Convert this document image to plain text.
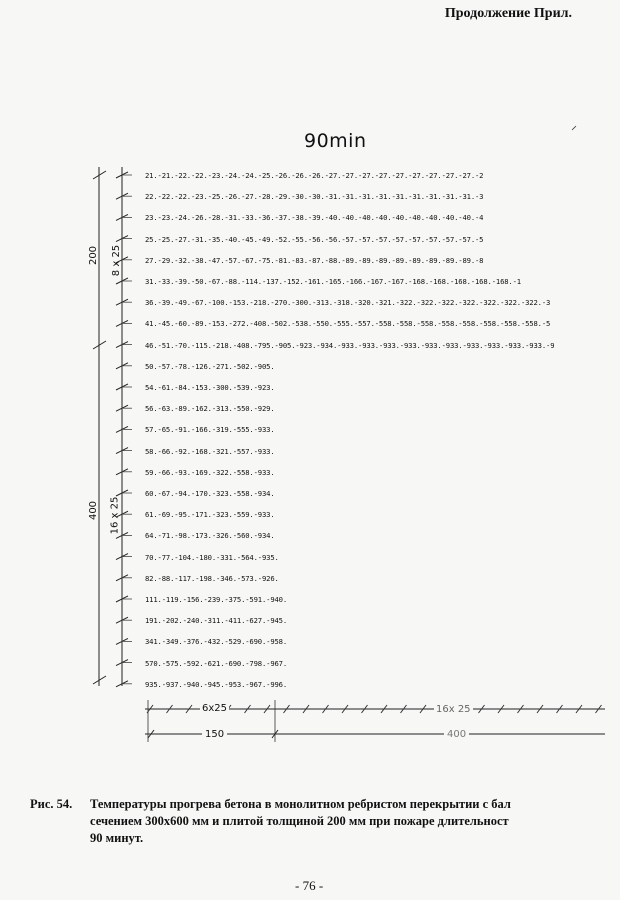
Продолжение Прил.
90min
21.-21.-22.-22.-23.-24.-24.-25.-26.-26.-26.-27.-27.-27.-27.-27.-27.-27.-27.-27.-2
22.-22.-22.-23.-25.-26.-27.-28.-29.-30.-30.-31.-31.-31.-31.-31.-31.-31.-31.-31.-3
23.-23.-24.-26.-28.-31.-33.-36.-37.-38.-39.-40.-40.-40.-40.-40.-40.-40.-40.-40.-4
25.-25.-27.-31.-35.-40.-45.-49.-52.-55.-56.-56.-57.-57.-57.-57.-57.-57.-57.-57.-5
27.-29.-32.-38.-47.-57.-67.-75.-81.-83.-87.-88.-89.-89.-89.-89.-89.-89.-89.-89.-8
31.-33.-39.-50.-67.-88.-114.-137.-152.-161.-165.-166.-167.-167.-168.-168.-168.-168.-168.-1
36.-39.-49.-67.-100.-153.-218.-270.-300.-313.-318.-320.-321.-322.-322.-322.-322.-322.-322.-322.-3
41.-45.-60.-89.-153.-272.-408.-502.-538.-550.-555.-557.-558.-558.-558.-558.-558.-558.-558.-558.-5
46.-51.-70.-115.-218.-408.-795.-905.-923.-934.-933.-933.-933.-933.-933.-933.-933.-933.-933.-933.-9
50.-57.-78.-126.-271.-502.-905.
54.-61.-84.-153.-300.-539.-923.
56.-63.-89.-162.-313.-550.-929.
57.-65.-91.-166.-319.-555.-933.
58.-66.-92.-168.-321.-557.-933.
59.-66.-93.-169.-322.-558.-933.
60.-67.-94.-170.-323.-558.-934.
61.-69.-95.-171.-323.-559.-933.
64.-71.-98.-173.-326.-560.-934.
70.-77.-104.-180.-331.-564.-935.
82.-88.-117.-198.-346.-573.-926.
111.-119.-156.-239.-375.-591.-940.
191.-202.-240.-311.-411.-627.-945.
341.-349.-376.-432.-529.-690.-958.
570.-575.-592.-621.-690.-798.-967.
935.-937.-940.-945.-953.-967.-996.
200 8 x 25
400 16 x 25
6x25	16x 25
150	400
Рис. 54. Температуры прогрева бетона в монолитном ребристом перекрытии с бал
сечением 300х600 мм и плитой толщиной 200 мм при пожаре длительност
90 минут.
- 76 -
